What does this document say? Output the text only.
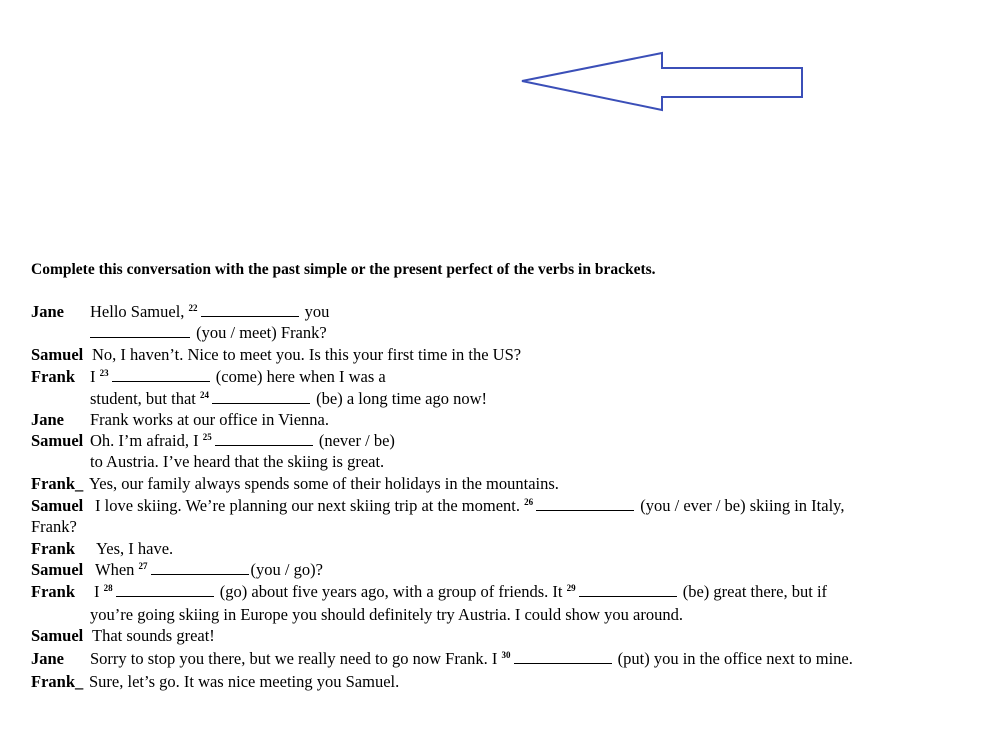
Complete this conversation with the past simple or the present perfect of the verbs in brackets.
Jane Hello Samuel, $^{22}$	you
(you / meet) Frank?
Samuel No, I haven’t. Nice to meet you. Is this your first time in the US?
Frank I $^{23}$	(come) here when I was a
student, but that $^{24}$	(be) a long time ago now!
Jane Frank works at our office in Vienna.
Samuel Oh. I’m afraid, I $^{25}$	(never / be)
to Austria. I’ve heard that the skiing is great.
Frank_ Yes, our family always spends some of their holidays in the mountains.
Samuel I love skiing. We’re planning our next skiing trip at the moment. $^{26}$	(you / ever / be) skiing in Italy,
Frank?
Frank Yes, I have.
Samuel When $^{27}$	(you / go)?
Frank I $^{28}$	(go) about five years ago, with a group of friends. It $^{29}$	(be) great there, but if
you’re going skiing in Europe you should definitely try Austria. I could show you around.
Samuel That sounds great!
Jane Sorry to stop you there, but we really need to go now Frank. I $^{30}$	(put) you in the office next to mine.
Frank_ Sure, let’s go. It was nice meeting you Samuel.
